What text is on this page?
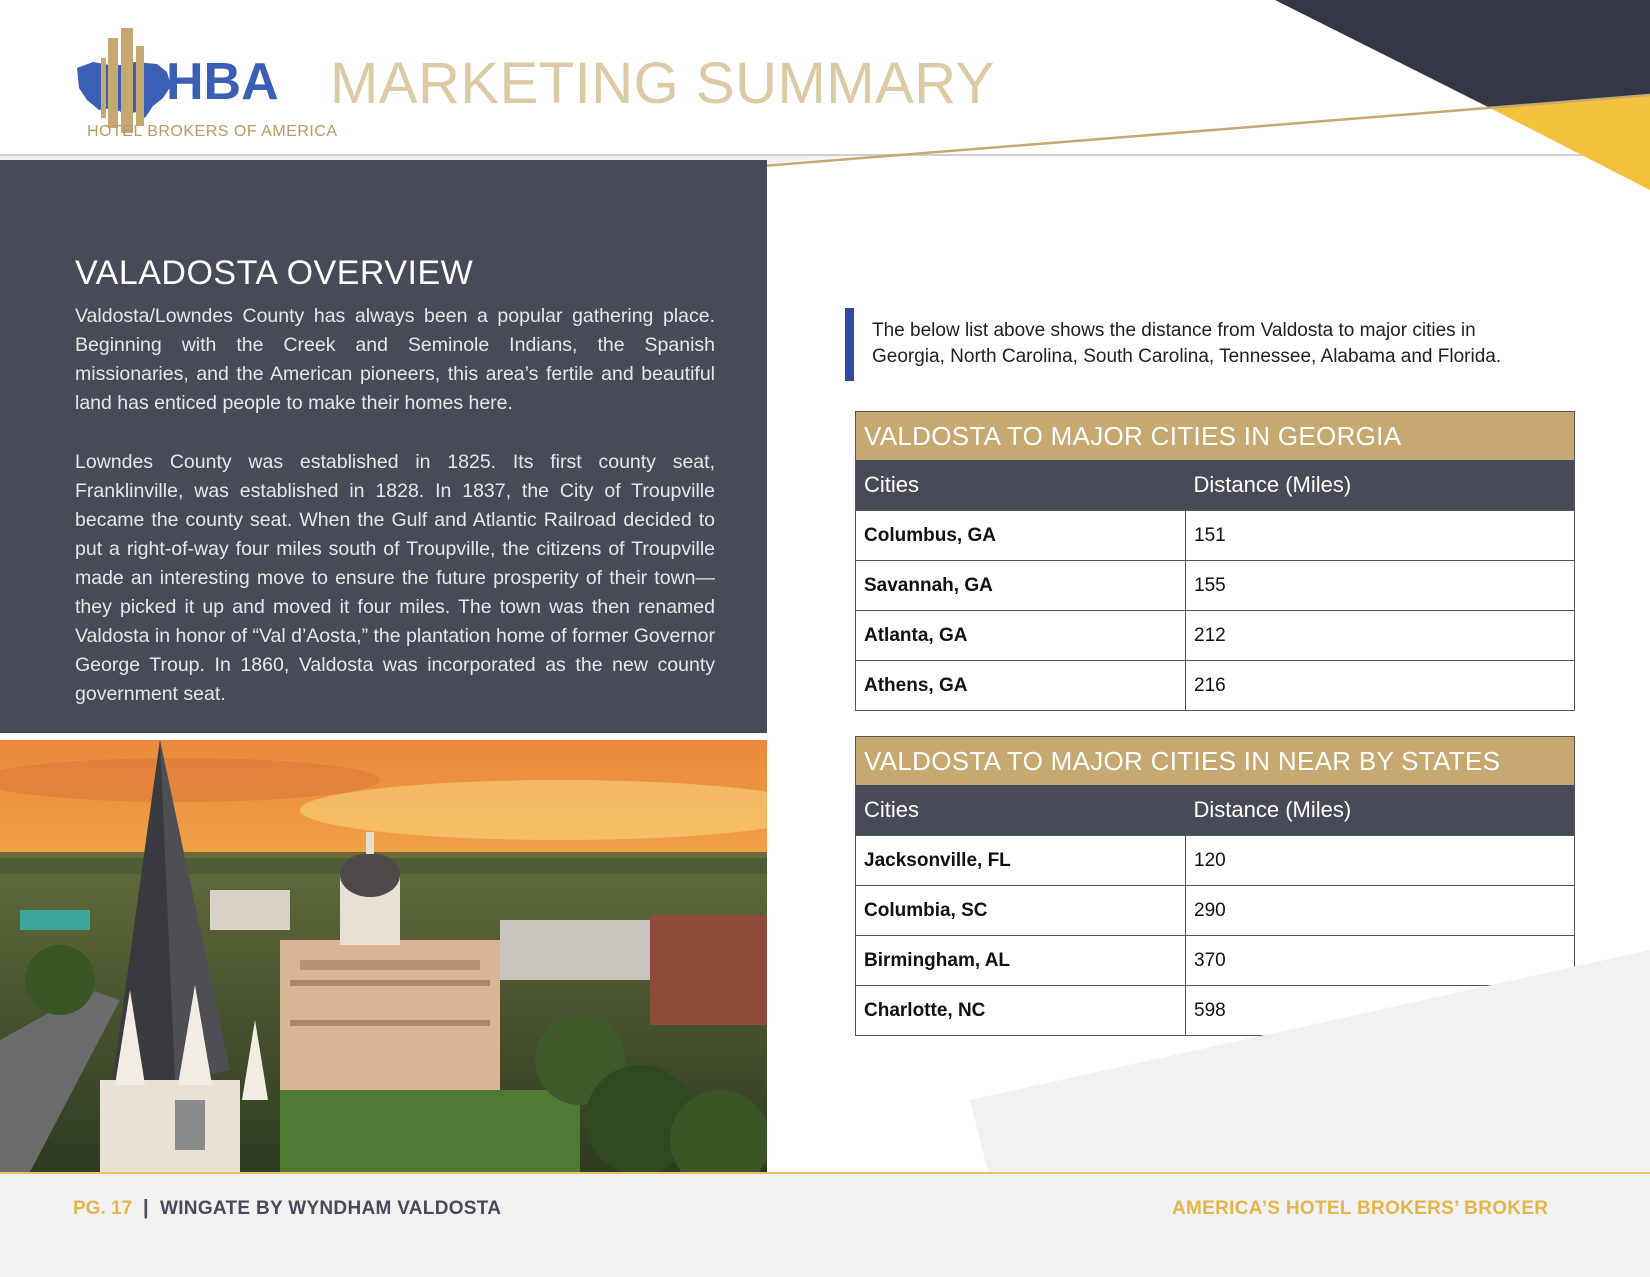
HBA
HOTEL BROKERS OF AMERICA
MARKETING SUMMARY
VALADOSTA OVERVIEW
Valdosta/Lowndes County has always been a popular gathering place. Beginning with the Creek and Seminole Indians, the Spanish missionaries, and the American pioneers, this area’s fertile and beautiful land has enticed people to make their homes here.
Lowndes County was established in 1825. Its first county seat, Franklinville, was established in 1828. In 1837, the City of Troupville became the county seat. When the Gulf and Atlantic Railroad decided to put a right-of-way four miles south of Troupville, the citizens of Troupville made an interesting move to ensure the future prosperity of their town—they picked it up and moved it four miles. The town was then renamed Valdosta in honor of “Val d’Aosta,” the plantation home of former Governor George Troup. In 1860, Valdosta was incorporated as the new county government seat.
The below list above shows the distance from Valdosta to major cities in Georgia, North Carolina, South Carolina, Tennessee, Alabama and Florida.
VALDOSTA TO MAJOR CITIES IN GEORGIA	
Cities	Distance (Miles)
Columbus, GA	151
Savannah, GA	155
Atlanta, GA	212
Athens, GA	216
VALDOSTA TO MAJOR CITIES IN NEAR BY STATES	
Cities	Distance (Miles)
Jacksonville, FL	120
Columbia, SC	290
Birmingham, AL	370
Charlotte, NC	598
PG. 17 | WINGATE BY WYNDHAM VALDOSTA	AMERICA’S HOTEL BROKERS’ BROKER
